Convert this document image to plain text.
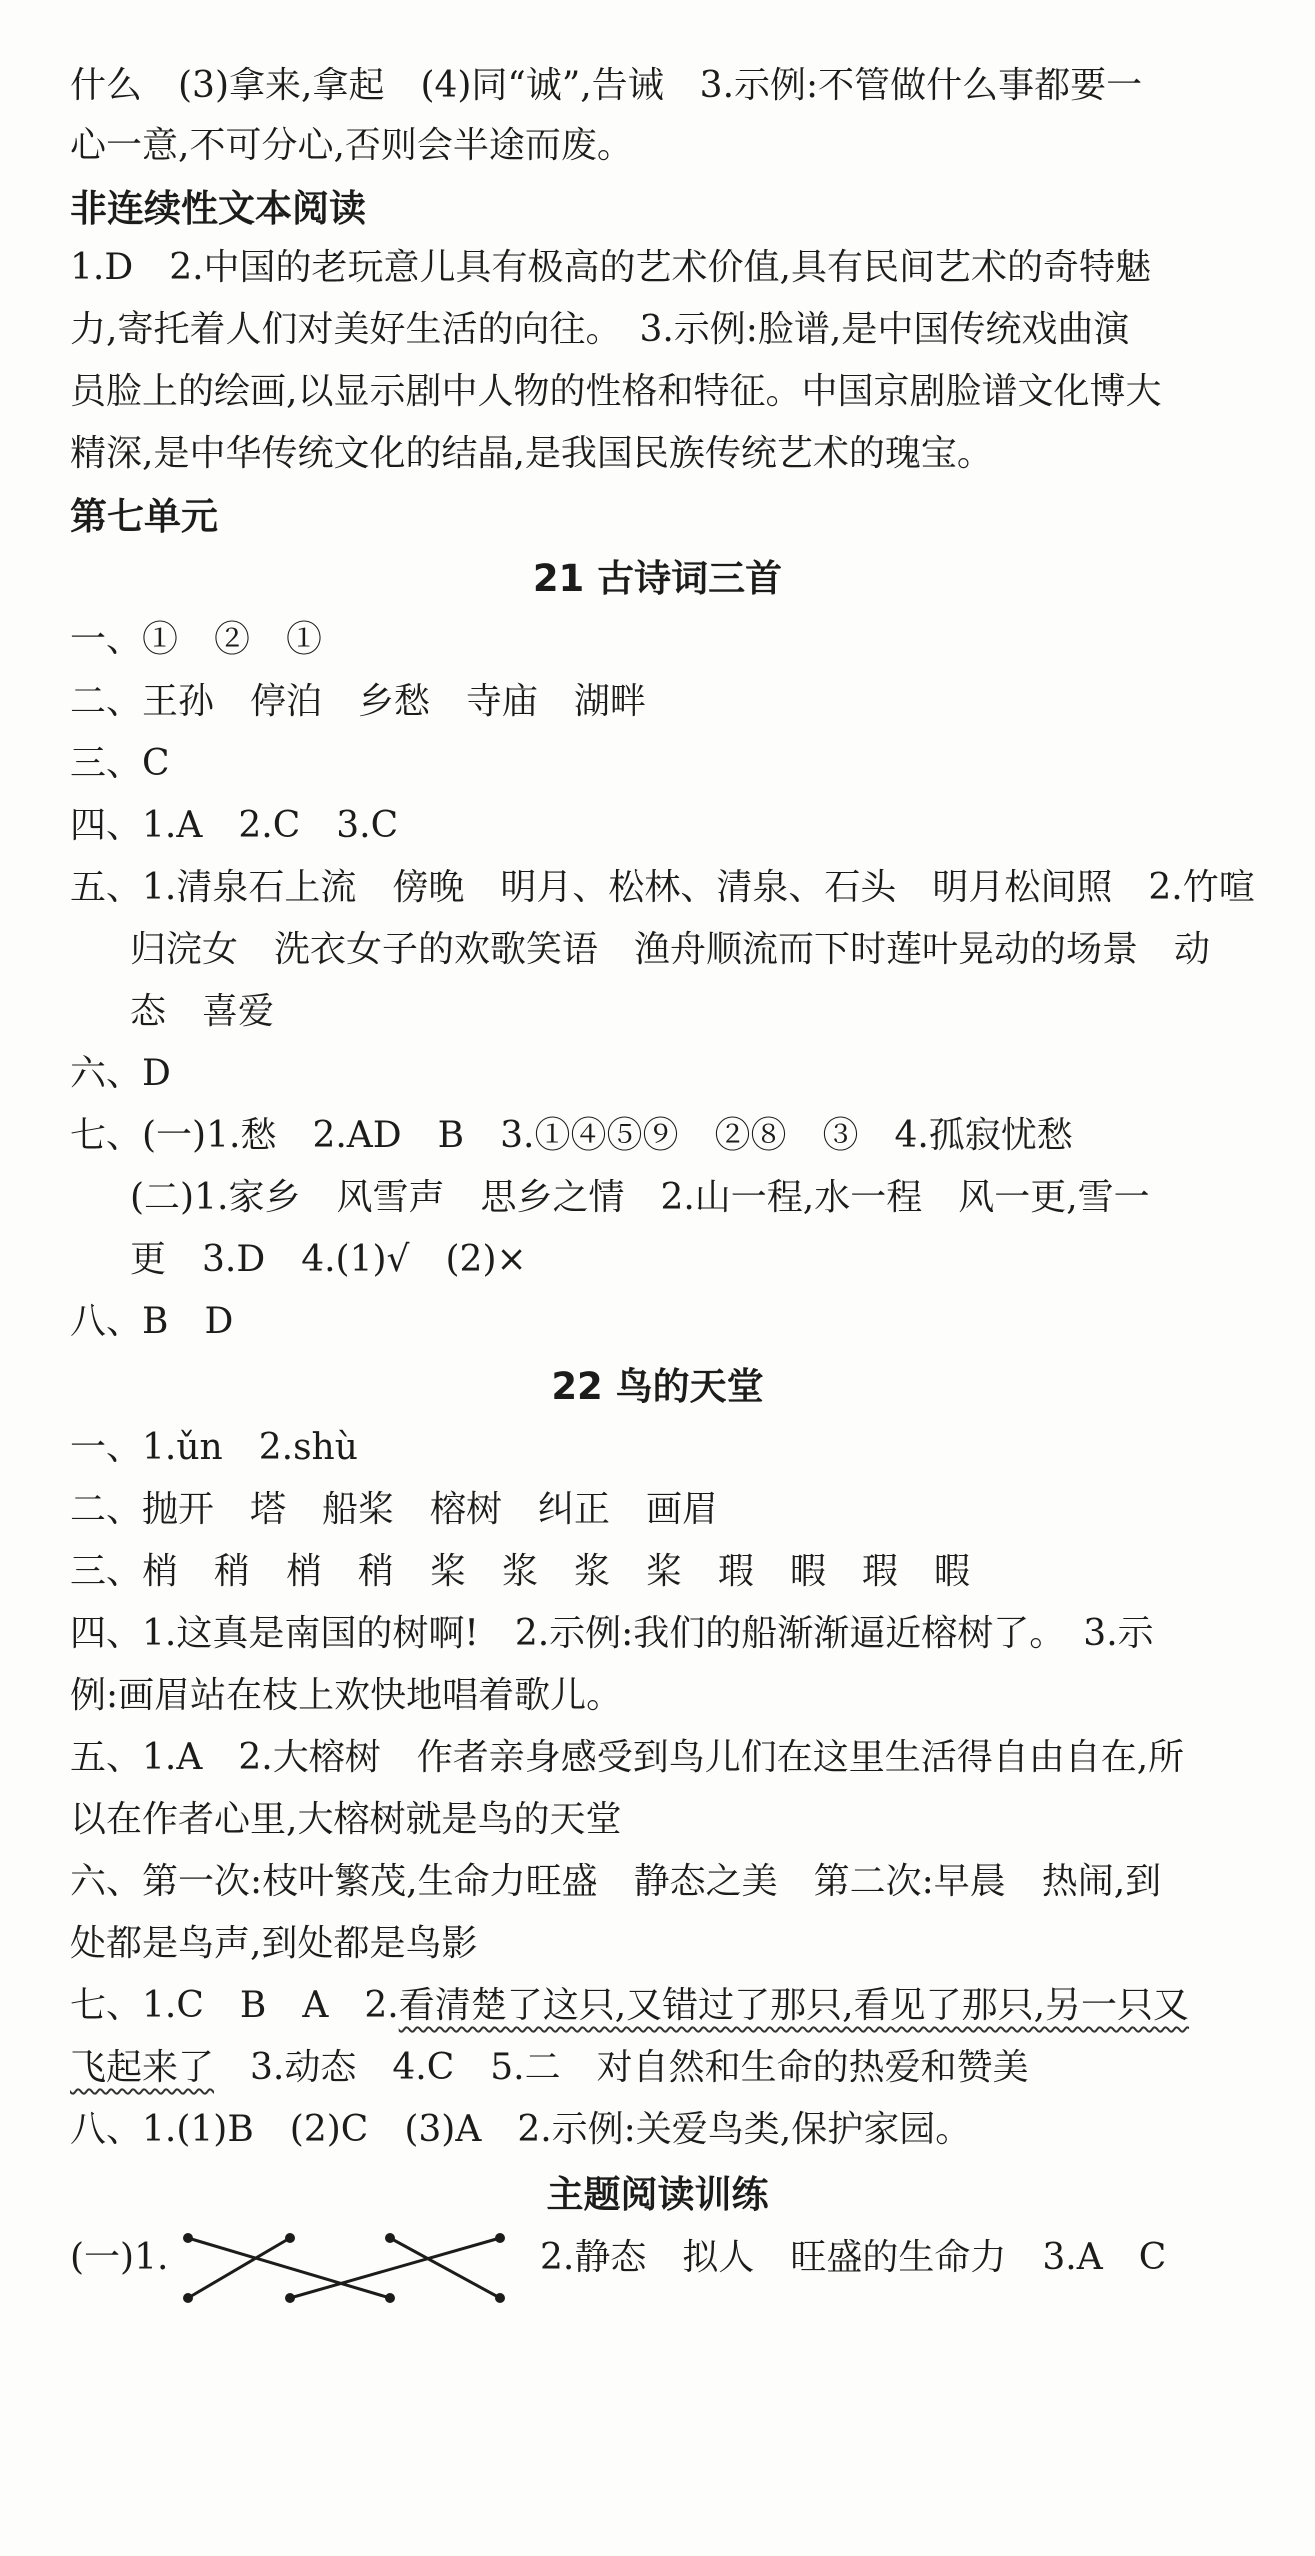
什么　(3)拿来,拿起　(4)同“诚”,告诫　3.示例:不管做什么事都要一
心一意,不可分心,否则会半途而废。
非连续性文本阅读
1.D　2.中国的老玩意儿具有极高的艺术价值,具有民间艺术的奇特魅
力,寄托着人们对美好生活的向往。　3.示例:脸谱,是中国传统戏曲演
员脸上的绘画,以显示剧中人物的性格和特征。中国京剧脸谱文化博大
精深,是中华传统文化的结晶,是我国民族传统艺术的瑰宝。
第七单元
21 古诗词三首
一、①　②　①
二、王孙　停泊　乡愁　寺庙　湖畔
三、C
四、1.A　2.C　3.C
五、1.清泉石上流　傍晚　明月、松林、清泉、石头　明月松间照　2.竹喧
归浣女　洗衣女子的欢歌笑语　渔舟顺流而下时莲叶晃动的场景　动
态　喜爱
六、D
七、(一)1.愁　2.AD　B　3.①④⑤⑨　②⑧　③　4.孤寂忧愁
(二)1.家乡　风雪声　思乡之情　2.山一程,水一程　风一更,雪一
更　3.D　4.(1)√　(2)×
八、B　D
22 鸟的天堂
一、1.ǔn　2.shù
二、抛开　塔　船桨　榕树　纠正　画眉
三、梢　稍　梢　稍　桨　浆　浆　桨　瑕　暇　瑕　暇
四、1.这真是南国的树啊!　2.示例:我们的船渐渐逼近榕树了。　3.示
例:画眉站在枝上欢快地唱着歌儿。
五、1.A　2.大榕树　作者亲身感受到鸟儿们在这里生活得自由自在,所
以在作者心里,大榕树就是鸟的天堂
六、第一次:枝叶繁茂,生命力旺盛　静态之美　第二次:早晨　热闹,到
处都是鸟声,到处都是鸟影
七、1.C　B　A　2.看清楚了这只,又错过了那只,看见了那只,另一只又
飞起来了　3.动态　4.C　5.二　对自然和生命的热爱和赞美
八、1.(1)B　(2)C　(3)A　2.示例:关爱鸟类,保护家园。
主题阅读训练
(一)1.	2.静态　拟人　旺盛的生命力　3.A　C
